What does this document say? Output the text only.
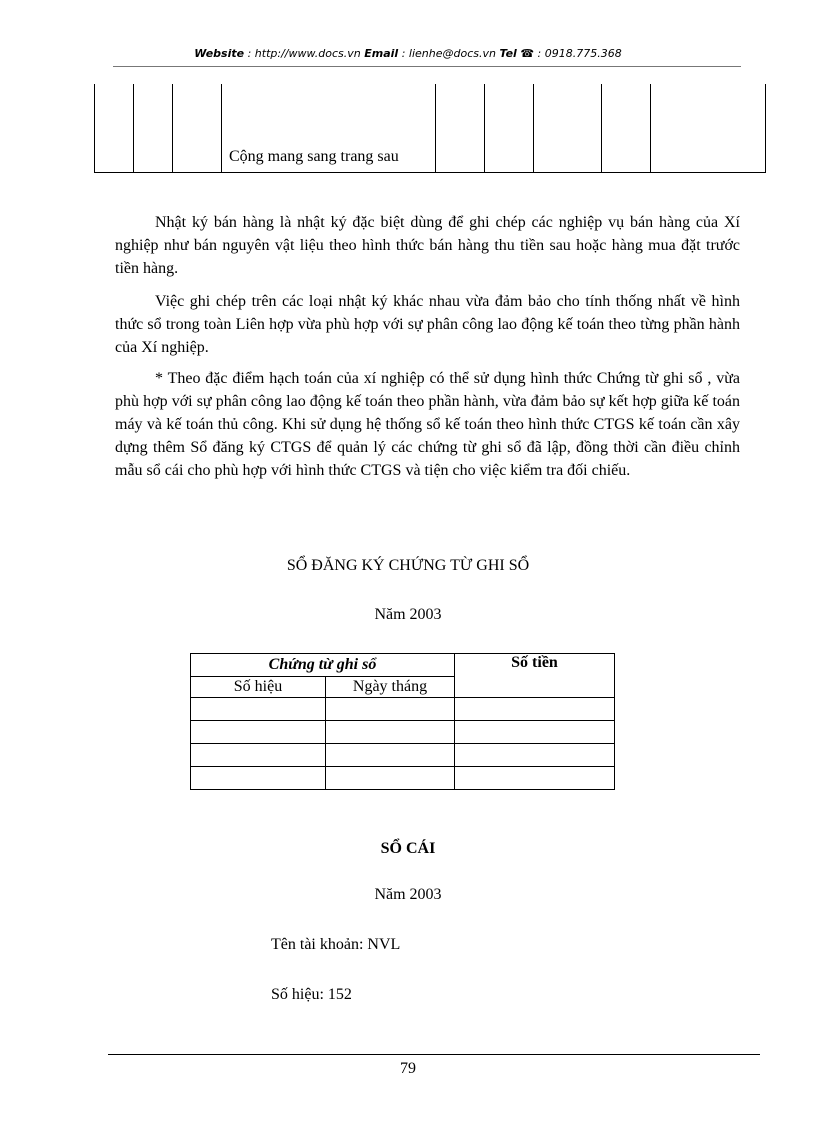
Website : http://www.docs.vn Email : lienhe@docs.vn Tel ☎ : 0918.775.368
			Cộng mang sang trang sau					

Nhật ký bán hàng là nhật ký đặc biệt dùng để ghi chép các nghiệp vụ bán hàng của Xí nghiệp như bán nguyên vật liệu theo hình thức bán hàng thu tiền sau hoặc hàng mua đặt trước tiền hàng.

Việc ghi chép trên các loại nhật ký khác nhau vừa đảm bảo cho tính thống nhất về hình thức sổ trong toàn Liên hợp vừa phù hợp với sự phân công lao động kế toán theo từng phần hành của Xí nghiệp.

* Theo đặc điểm hạch toán của xí nghiệp có thể sử dụng hình thức Chứng từ ghi sổ , vừa phù hợp với sự phân công lao động kế toán theo phần hành, vừa đảm bảo sự kết hợp giữa kế toán máy và kế toán thủ công. Khi sử dụng hệ thống sổ kế toán theo hình thức CTGS kế toán cần xây dựng thêm Sổ đăng ký CTGS để quản lý các chứng từ ghi sổ đã lập, đồng thời cần điều chỉnh mẫu sổ cái cho phù hợp với hình thức CTGS và tiện cho việc kiểm tra đối chiếu.

SỔ ĐĂNG KÝ CHỨNG TỪ GHI SỔ
Năm 2003
Chứng từ ghi sổ		Số tiền
Số hiệu	Ngày tháng	

SỔ CÁI
Năm 2003
Tên tài khoản: NVL
Số hiệu: 152
79
